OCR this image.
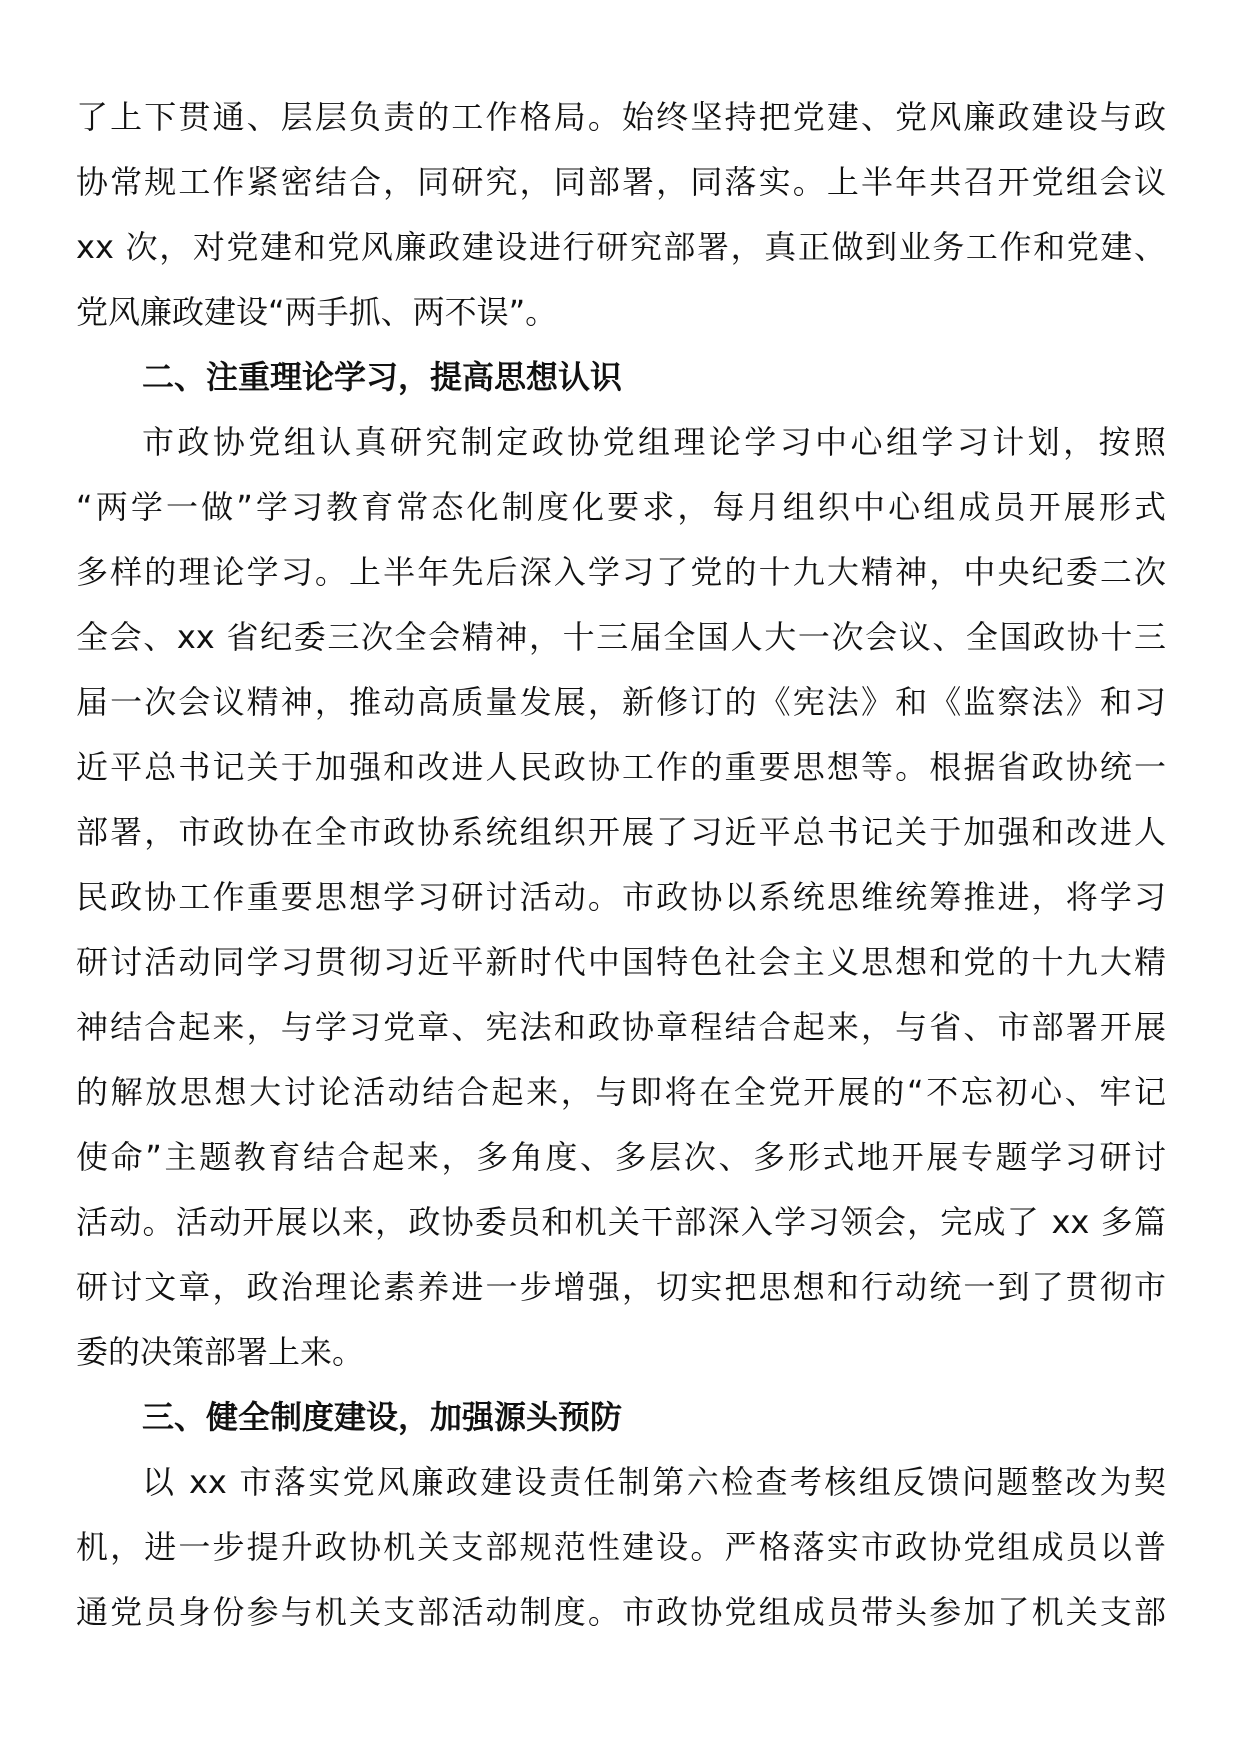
了上下贯通、层层负责的工作格局。始终坚持把党建、党风廉政建设与政
协常规工作紧密结合，同研究，同部署，同落实。上半年共召开党组会议
xx 次，对党建和党风廉政建设进行研究部署，真正做到业务工作和党建、
党风廉政建设“两手抓、两不误”。
二、注重理论学习，提高思想认识
市政协党组认真研究制定政协党组理论学习中心组学习计划，按照
“两学一做”学习教育常态化制度化要求，每月组织中心组成员开展形式
多样的理论学习。上半年先后深入学习了党的十九大精神，中央纪委二次
全会、xx 省纪委三次全会精神，十三届全国人大一次会议、全国政协十三
届一次会议精神，推动高质量发展，新修订的《宪法》和《监察法》和习
近平总书记关于加强和改进人民政协工作的重要思想等。根据省政协统一
部署，市政协在全市政协系统组织开展了习近平总书记关于加强和改进人
民政协工作重要思想学习研讨活动。市政协以系统思维统筹推进，将学习
研讨活动同学习贯彻习近平新时代中国特色社会主义思想和党的十九大精
神结合起来，与学习党章、宪法和政协章程结合起来，与省、市部署开展
的解放思想大讨论活动结合起来，与即将在全党开展的“不忘初心、牢记
使命”主题教育结合起来，多角度、多层次、多形式地开展专题学习研讨
活动。活动开展以来，政协委员和机关干部深入学习领会，完成了 xx 多篇
研讨文章，政治理论素养进一步增强，切实把思想和行动统一到了贯彻市
委的决策部署上来。
三、健全制度建设，加强源头预防
以 xx 市落实党风廉政建设责任制第六检查考核组反馈问题整改为契
机，进一步提升政协机关支部规范性建设。严格落实市政协党组成员以普
通党员身份参与机关支部活动制度。市政协党组成员带头参加了机关支部
